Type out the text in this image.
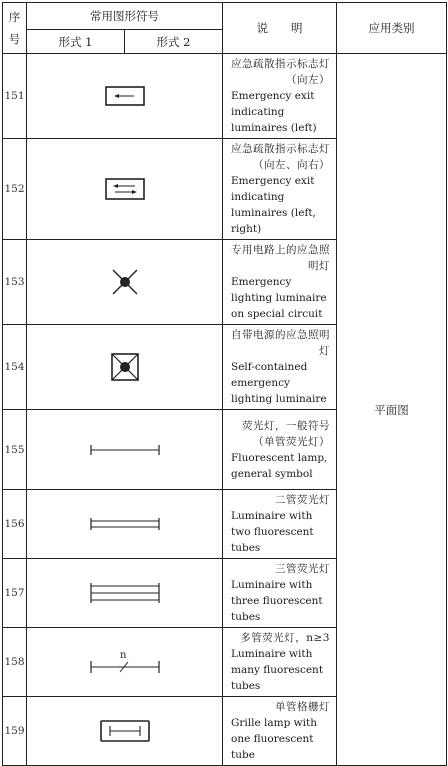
序
号	常用图形符号		说　　明	应用类别
	形式 1	形式 2		
151			应急疏散指示标志灯（向左）
Emergency exit indicating luminaires (left)	平面图
152			应急疏散指示标志灯（向左、向右）
Emergency exit indicating luminaires (left, right)	

153			专用电路上的应急照明灯
Emergency lighting luminaire on special circuit	

154			自带电源的应急照明灯
Self-contained emergency lighting luminaire	

155			荧光灯，一般符号（单管荧光灯）
Fluorescent lamp, general symbol	

156			二管荧光灯
Luminaire with two fluorescent tubes	

157			三管荧光灯
Luminaire with three fluorescent tubes	

158	n		多管荧光灯，n≥3
Luminaire with many fluorescent tubes	

159			单管格栅灯
Grille lamp with one fluorescent tube	
